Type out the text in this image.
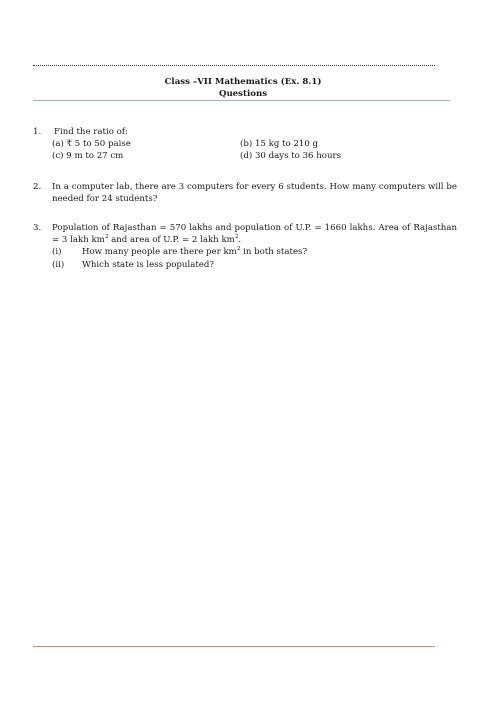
Class –VII Mathematics (Ex. 8.1)
Questions
1.	Find the ratio of:
(a) ₹ 5 to 50 paise	(b) 15 kg to 210 g
(c) 9 m to 27 cm	(d) 30 days to 36 hours
2.	In a computer lab, there are 3 computers for every 6 students. How many computers will be needed for 24 students?
3.	Population of Rajasthan = 570 lakhs and population of U.P. = 1660 lakhs. Area of Rajasthan = 3 lakh $km^2$ and area of U.P. = 2 lakh $km^2$.
(i) How many people are there per $km^2$ in both states?
(ii) Which state is less populated?
